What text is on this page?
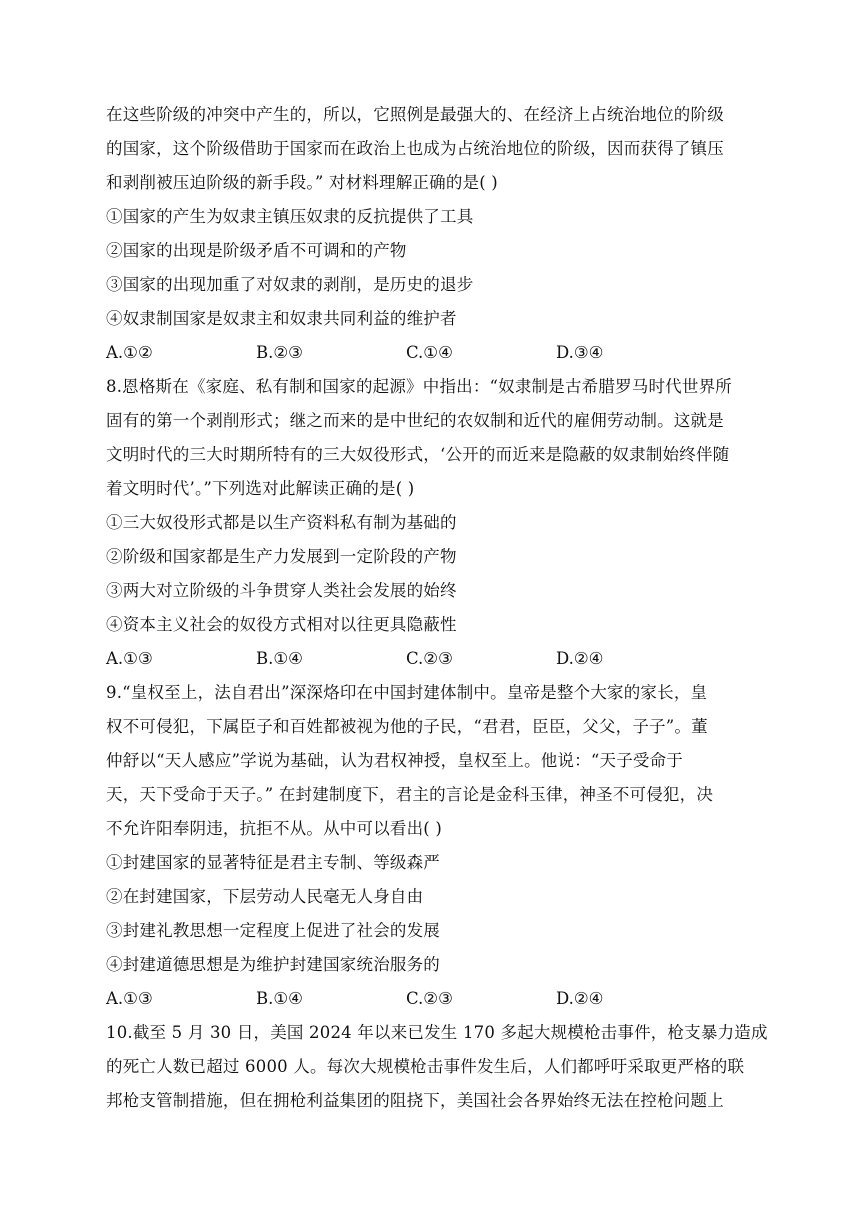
在这些阶级的冲突中产生的，所以，它照例是最强大的、在经济上占统治地位的阶级
的国家，这个阶级借助于国家而在政治上也成为占统治地位的阶级，因而获得了镇压
和剥削被压迫阶级的新手段。” 对材料理解正确的是( )
①国家的产生为奴隶主镇压奴隶的反抗提供了工具
②国家的出现是阶级矛盾不可调和的产物
③国家的出现加重了对奴隶的剥削，是历史的退步
④奴隶制国家是奴隶主和奴隶共同利益的维护者
A.①②	B.②③	C.①④	D.③④
8.恩格斯在《家庭、私有制和国家的起源》中指出：“奴隶制是古希腊罗马时代世界所
固有的第一个剥削形式；继之而来的是中世纪的农奴制和近代的雇佣劳动制。这就是
文明时代的三大时期所特有的三大奴役形式，‘公开的而近来是隐蔽的奴隶制始终伴随
着文明时代’。”下列选对此解读正确的是( )
①三大奴役形式都是以生产资料私有制为基础的
②阶级和国家都是生产力发展到一定阶段的产物
③两大对立阶级的斗争贯穿人类社会发展的始终
④资本主义社会的奴役方式相对以往更具隐蔽性
A.①③	B.①④	C.②③	D.②④
9.“皇权至上，法自君出”深深烙印在中国封建体制中。皇帝是整个大家的家长，皇
权不可侵犯，下属臣子和百姓都被视为他的子民，“君君，臣臣，父父，子子”。董
仲舒以“天人感应”学说为基础，认为君权神授，皇权至上。他说：“天子受命于
天，天下受命于天子。” 在封建制度下，君主的言论是金科玉律，神圣不可侵犯，决
不允许阳奉阴违，抗拒不从。从中可以看出( )
①封建国家的显著特征是君主专制、等级森严
②在封建国家，下层劳动人民毫无人身自由
③封建礼教思想一定程度上促进了社会的发展
④封建道德思想是为维护封建国家统治服务的
A.①③	B.①④	C.②③	D.②④
10.截至 5 月 30 日，美国 2024 年以来已发生 170 多起大规模枪击事件，枪支暴力造成
的死亡人数已超过 6000 人。每次大规模枪击事件发生后，人们都呼吁采取更严格的联
邦枪支管制措施，但在拥枪利益集团的阻挠下，美国社会各界始终无法在控枪问题上
